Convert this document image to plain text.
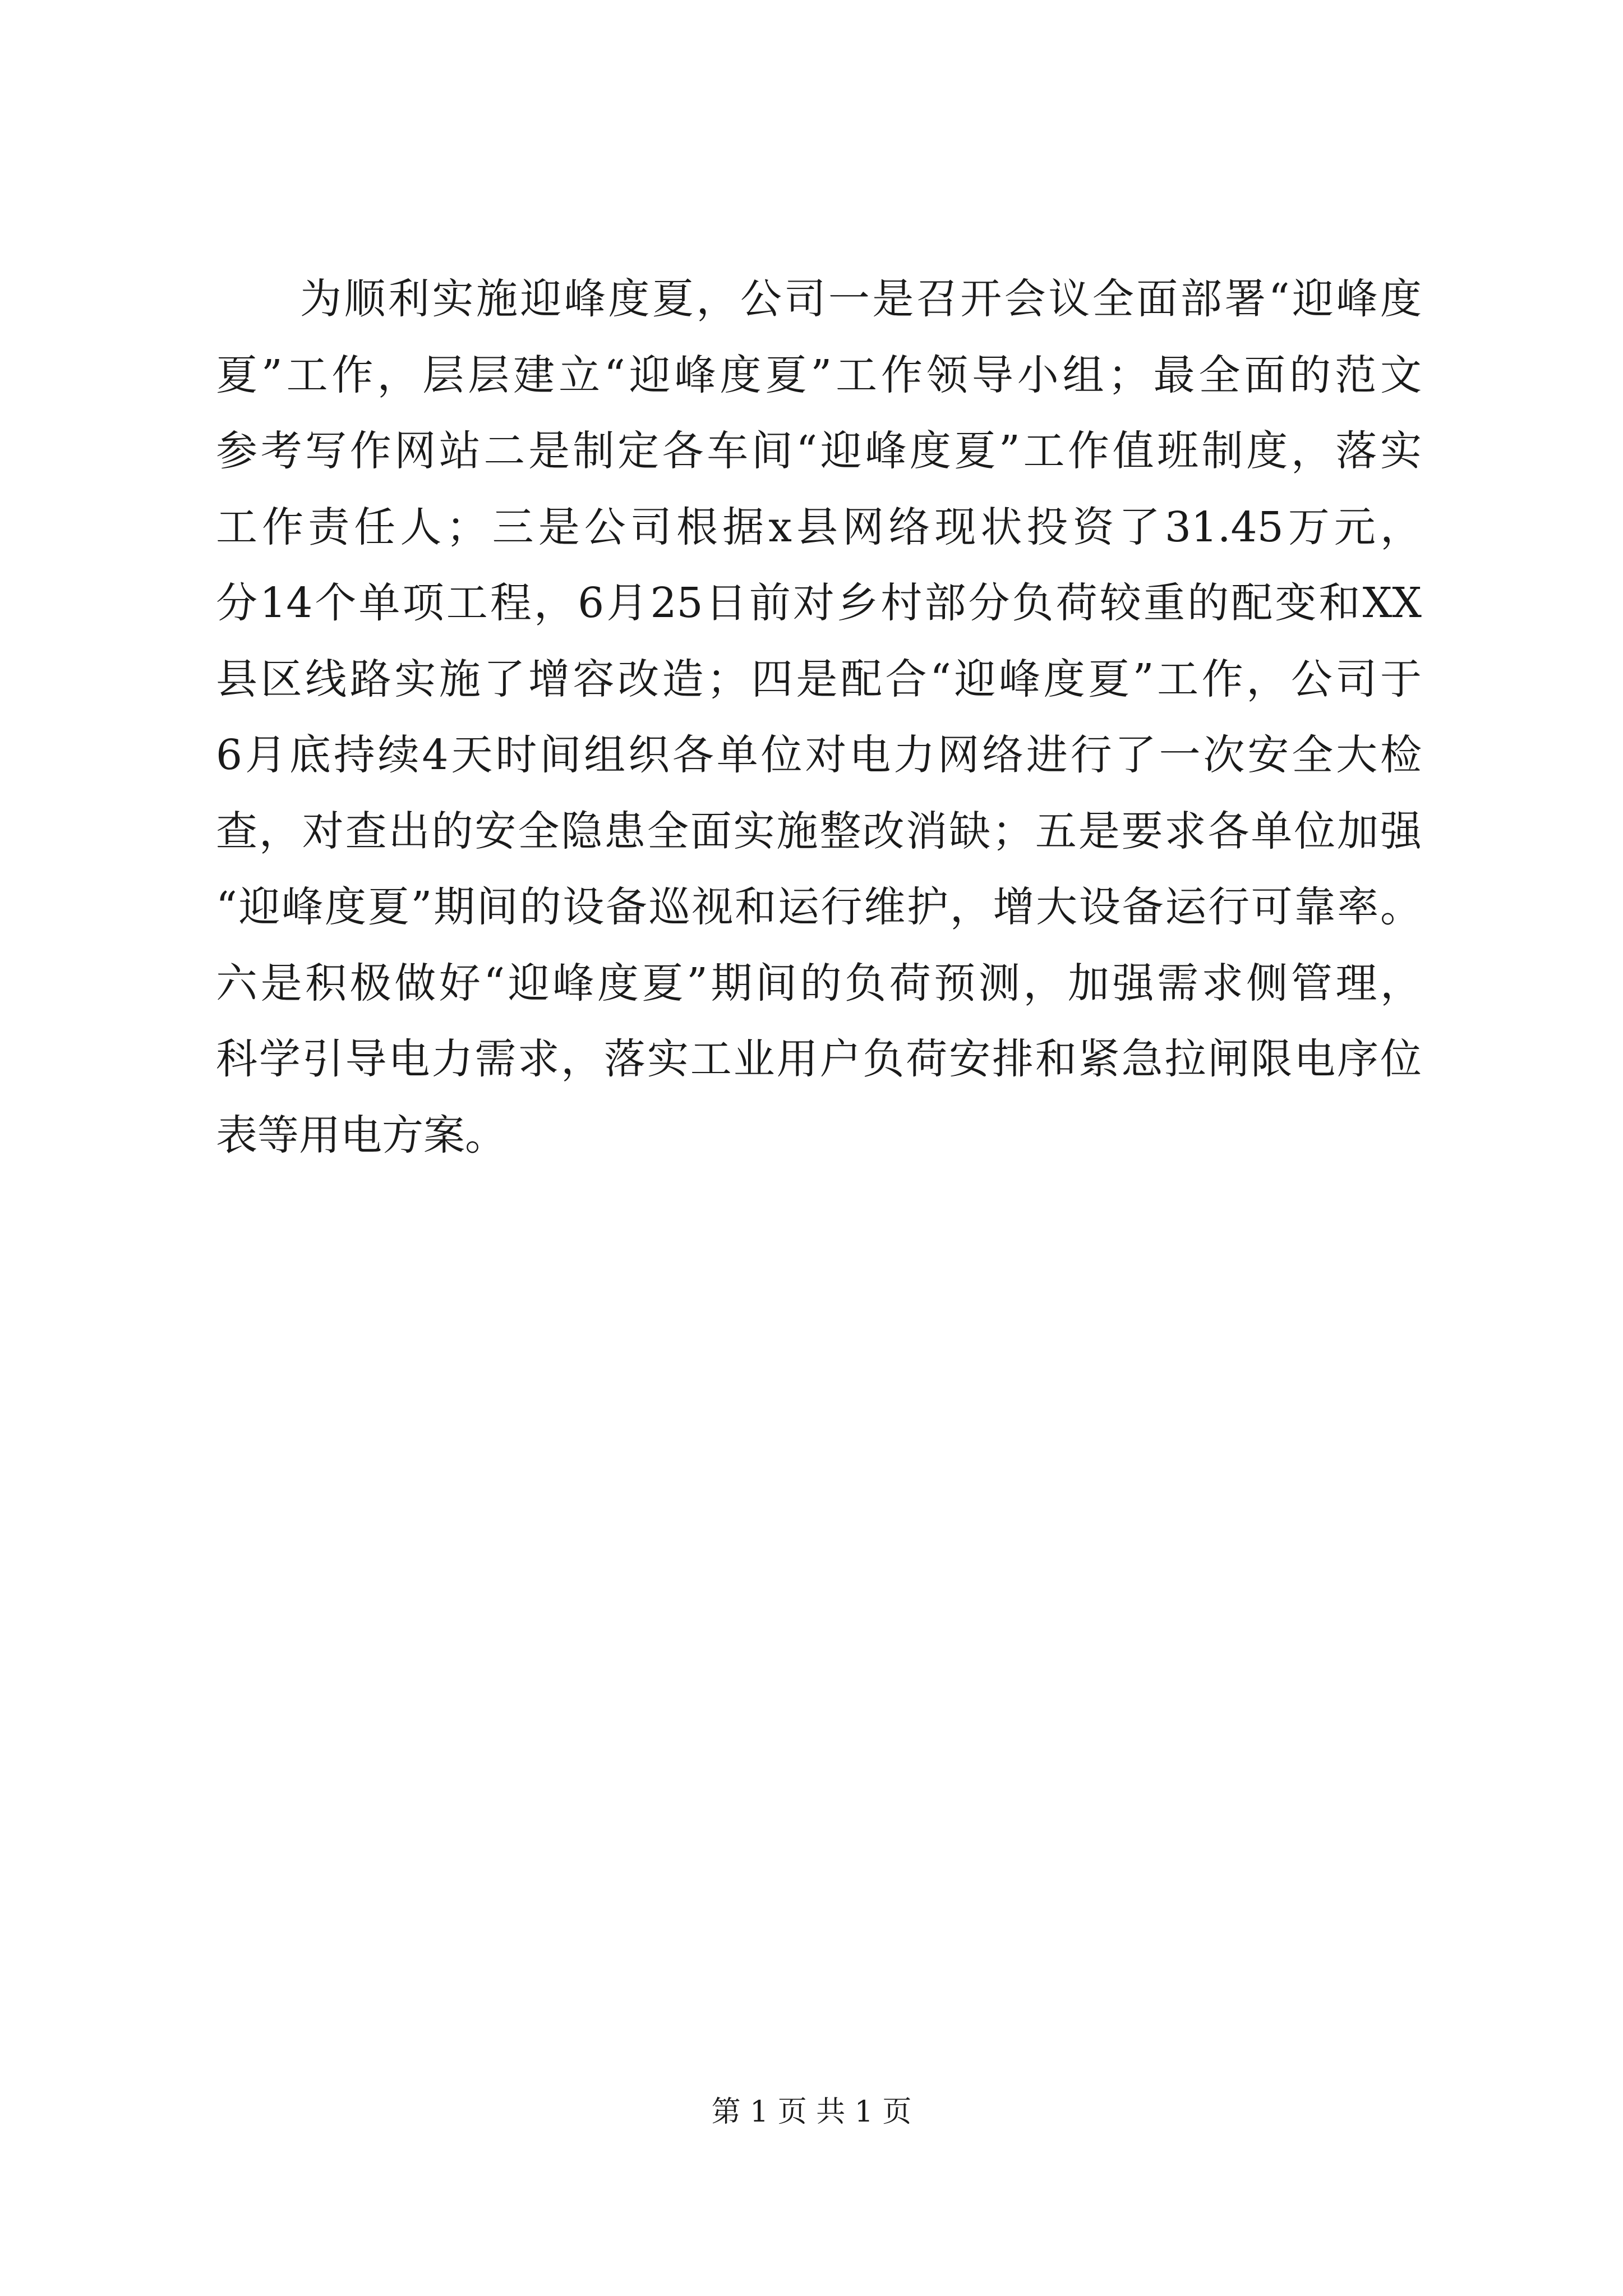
为顺利实施迎峰度夏，公司一是召开会议全面部署“迎峰度
夏”工作，层层建立“迎峰度夏”工作领导小组；最全面的范文
参考写作网站二是制定各车间“迎峰度夏”工作值班制度，落实
工作责任人；三是公司根据x县网络现状投资了31.45万元，
分14个单项工程，6月25日前对乡村部分负荷较重的配变和XX
县区线路实施了增容改造；四是配合“迎峰度夏”工作，公司于
6月底持续4天时间组织各单位对电力网络进行了一次安全大检
查，对查出的安全隐患全面实施整改消缺；五是要求各单位加强
“迎峰度夏”期间的设备巡视和运行维护，增大设备运行可靠率。
六是积极做好“迎峰度夏”期间的负荷预测，加强需求侧管理，
科学引导电力需求，落实工业用户负荷安排和紧急拉闸限电序位
表等用电方案。
第 1 页 共 1 页
